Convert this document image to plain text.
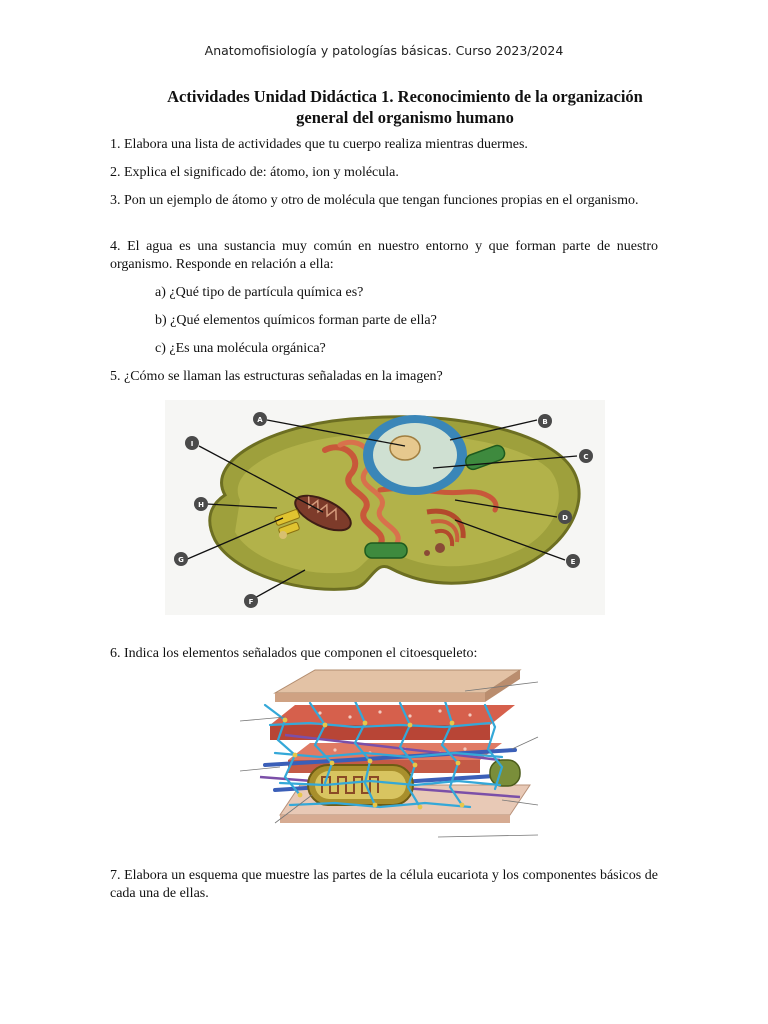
Anatomofisiología y patologías básicas. Curso 2023/2024
Actividades Unidad Didáctica 1. Reconocimiento de la organización
general del organismo humano
1. Elabora una lista de actividades que tu cuerpo realiza mientras duermes.
2. Explica el significado de: átomo, ion y molécula.
3. Pon un ejemplo de átomo y otro de molécula que tengan funciones propias en el organismo.
4. El agua es una sustancia muy común en nuestro entorno y que forman parte de nuestro organismo. Responde en relación a ella:
a) ¿Qué tipo de partícula química es?
b) ¿Qué elementos químicos forman parte de ella?
c) ¿Es una molécula orgánica?
5. ¿Cómo se llaman las estructuras señaladas en la imagen?
A	B
C
D
E
F
G
H
I
6. Indica los elementos señalados que componen el citoesqueleto:
7. Elabora un esquema que muestre las partes de la célula eucariota y los componentes básicos de cada una de ellas.
